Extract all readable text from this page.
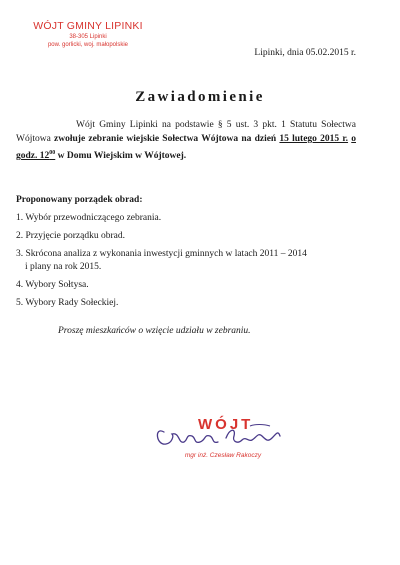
WÓJT GMINY LIPINKI
38-305 Lipinki
pow. gorlicki, woj. małopolskie
Lipinki, dnia 05.02.2015 r.
Zawiadomienie
Wójt Gminy Lipinki na podstawie § 5 ust. 3 pkt. 1 Statutu Sołectwa Wójtowa zwołuje zebranie wiejskie Sołectwa Wójtowa na dzień 15 lutego 2015 r. o godz. $12^{00}$ w Domu Wiejskim w Wójtowej.
Proponowany porządek obrad:
1. Wybór przewodniczącego zebrania.
2. Przyjęcie porządku obrad.
3. Skrócona analiza z wykonania inwestycji gminnych w latach 2011 – 2014
i plany na rok 2015.
4. Wybory Sołtysa.
5. Wybory Rady Sołeckiej.
Proszę mieszkańców o wzięcie udziału w zebraniu.
WÓJT
mgr inż. Czesław Rakoczy
